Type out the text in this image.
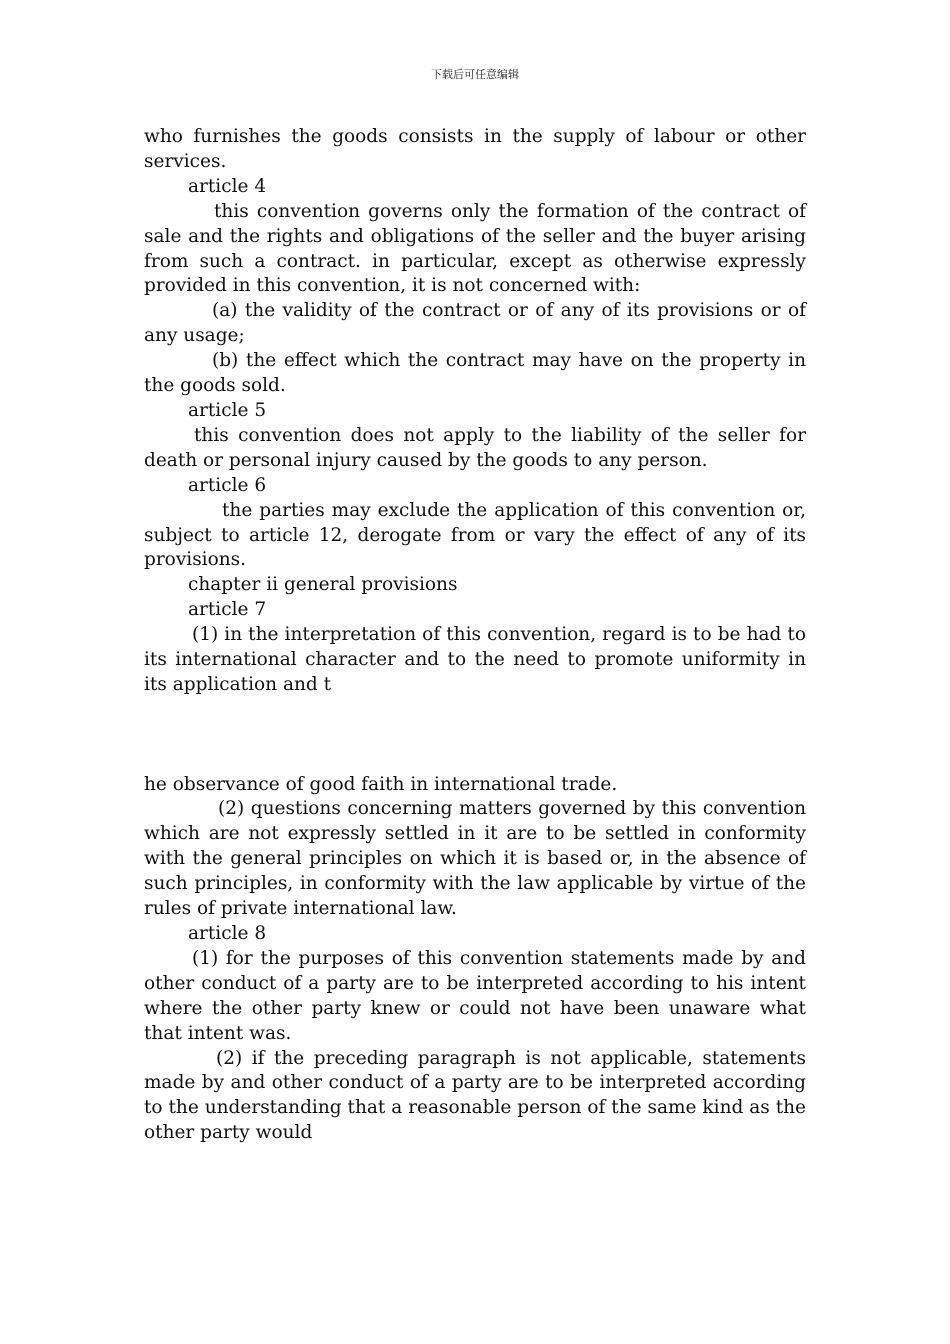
下载后可任意编辑

who furnishes the goods consists in the supply of labour or other services.

article 4

this convention governs only the formation of the contract of sale and the rights and obligations of the seller and the buyer arising from such a contract. in particular, except as otherwise expressly provided in this convention, it is not concerned with:

(a) the validity of the contract or of any of its provisions or of any usage;

(b) the effect which the contract may have on the property in the goods sold.

article 5

this convention does not apply to the liability of the seller for death or personal injury caused by the goods to any person.

article 6

the parties may exclude the application of this convention or, subject to article 12, derogate from or vary the effect of any of its provisions.

chapter ii general provisions

article 7

(1) in the interpretation of this convention, regard is to be had to its international character and to the need to promote uniformity in its application and t

he observance of good faith in international trade.

(2) questions concerning matters governed by this convention which are not expressly settled in it are to be settled in conformity with the general principles on which it is based or, in the absence of such principles, in conformity with the law applicable by virtue of the rules of private international law.

article 8

(1) for the purposes of this convention statements made by and other conduct of a party are to be interpreted according to his intent where the other party knew or could not have been unaware what that intent was.

(2) if the preceding paragraph is not applicable, statements made by and other conduct of a party are to be interpreted according to the understanding that a reasonable person of the same kind as the other party would
